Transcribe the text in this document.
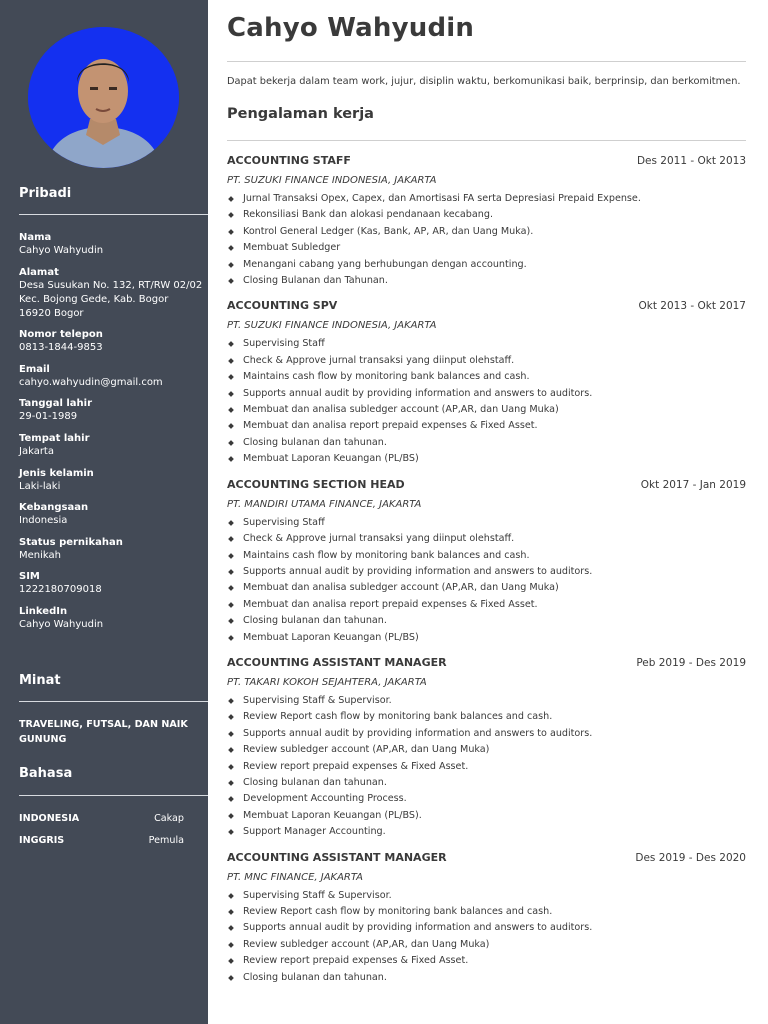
Pribadi
Nama
Cahyo Wahyudin
Alamat
Desa Susukan No. 132, RT/RW 02/02
Kec. Bojong Gede, Kab. Bogor
16920 Bogor
Nomor telepon
0813-1844-9853
Email
cahyo.wahyudin@gmail.com
Tanggal lahir
29-01-1989
Tempat lahir
Jakarta
Jenis kelamin
Laki-laki
Kebangsaan
Indonesia
Status pernikahan
Menikah
SIM
1222180709018
LinkedIn
Cahyo Wahyudin
Minat
TRAVELING, FUTSAL, DAN NAIK GUNUNG
Bahasa
INDONESIA	Cakap
INGGRIS	Pemula
Cahyo Wahyudin
Dapat bekerja dalam team work, jujur, disiplin waktu, berkomunikasi baik, berprinsip, dan berkomitmen.
Pengalaman kerja
ACCOUNTING STAFF	Des 2011 - Okt 2013
PT. SUZUKI FINANCE INDONESIA, JAKARTA
Jurnal Transaksi Opex, Capex, dan Amortisasi FA serta Depresiasi Prepaid Expense.
Rekonsiliasi Bank dan alokasi pendanaan kecabang.
Kontrol General Ledger (Kas, Bank, AP, AR, dan Uang Muka).
Membuat Subledger
Menangani cabang yang berhubungan dengan accounting.
Closing Bulanan dan Tahunan.
ACCOUNTING SPV	Okt 2013 - Okt 2017
PT. SUZUKI FINANCE INDONESIA, JAKARTA
Supervising Staff
Check & Approve jurnal transaksi yang diinput olehstaff.
Maintains cash flow by monitoring bank balances and cash.
Supports annual audit by providing information and answers to auditors.
Membuat dan analisa subledger account (AP,AR, dan Uang Muka)
Membuat dan analisa report prepaid expenses & Fixed Asset.
Closing bulanan dan tahunan.
Membuat Laporan Keuangan (PL/BS)
ACCOUNTING SECTION HEAD	Okt 2017 - Jan 2019
PT. MANDIRI UTAMA FINANCE, JAKARTA
Supervising Staff
Check & Approve jurnal transaksi yang diinput olehstaff.
Maintains cash flow by monitoring bank balances and cash.
Supports annual audit by providing information and answers to auditors.
Membuat dan analisa subledger account (AP,AR, dan Uang Muka)
Membuat dan analisa report prepaid expenses & Fixed Asset.
Closing bulanan dan tahunan.
Membuat Laporan Keuangan (PL/BS)
ACCOUNTING ASSISTANT MANAGER	Peb 2019 - Des 2019
PT. TAKARI KOKOH SEJAHTERA, JAKARTA
Supervising Staff & Supervisor.
Review Report cash flow by monitoring bank balances and cash.
Supports annual audit by providing information and answers to auditors.
Review subledger account (AP,AR, dan Uang Muka)
Review report prepaid expenses & Fixed Asset.
Closing bulanan dan tahunan.
Development Accounting Process.
Membuat Laporan Keuangan (PL/BS).
Support Manager Accounting.
ACCOUNTING ASSISTANT MANAGER	Des 2019 - Des 2020
PT. MNC FINANCE, JAKARTA
Supervising Staff & Supervisor.
Review Report cash flow by monitoring bank balances and cash.
Supports annual audit by providing information and answers to auditors.
Review subledger account (AP,AR, dan Uang Muka)
Review report prepaid expenses & Fixed Asset.
Closing bulanan dan tahunan.
